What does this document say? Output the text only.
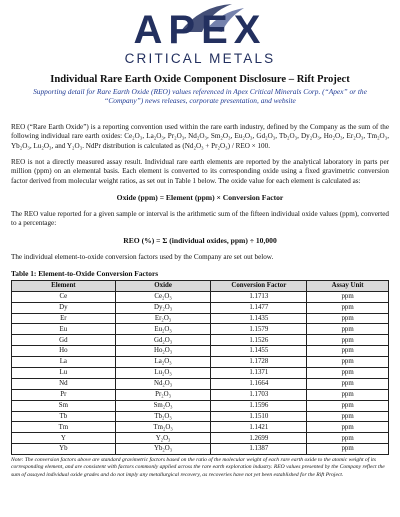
APEX
CRITICAL METALS
Individual Rare Earth Oxide Component Disclosure – Rift Project
Supporting detail for Rare Earth Oxide (REO) values referenced in Apex Critical Minerals Corp. (“Apex” or the “Company”) news releases, corporate presentation, and website

REO (“Rare Earth Oxide”) is a reporting convention used within the rare earth industry, defined by the Company as the sum of the following individual rare earth oxides: Ce₂O₃, La₂O₃, Pr₂O₃, Nd₂O₃, Sm₂O₃, Eu₂O₃, Gd₂O₃, Tb₂O₃, Dy₂O₃, Ho₂O₃, Er₂O₃, Tm₂O₃, Yb₂O₃, Lu₂O₃, and Y₂O₃. NdPr distribution is calculated as (Nd₂O₃ + Pr₂O₃) / REO × 100.

REO is not a directly measured assay result. Individual rare earth elements are reported by the analytical laboratory in parts per million (ppm) on an elemental basis. Each element is converted to its corresponding oxide using a fixed gravimetric conversion factor derived from molecular weight ratios, as set out in Table 1 below. The oxide value for each element is calculated as:

Oxide (ppm) = Element (ppm) × Conversion Factor

The REO value reported for a given sample or interval is the arithmetic sum of the fifteen individual oxide values (ppm), converted to a percentage:

REO (%) = Σ (individual oxides, ppm) ÷ 10,000

The individual element-to-oxide conversion factors used by the Company are set out below.

Table 1: Element-to-Oxide Conversion Factors
Element	Oxide	Conversion Factor	Assay Unit
Ce	Ce₂O₃	1.1713	ppm
Dy	Dy₂O₃	1.1477	ppm
Er	Er₂O₃	1.1435	ppm
Eu	Eu₂O₃	1.1579	ppm
Gd	Gd₂O₃	1.1526	ppm
Ho	Ho₂O₃	1.1455	ppm
La	La₂O₃	1.1728	ppm
Lu	Lu₂O₃	1.1371	ppm
Nd	Nd₂O₃	1.1664	ppm
Pr	Pr₂O₃	1.1703	ppm
Sm	Sm₂O₃	1.1596	ppm
Tb	Tb₂O₃	1.1510	ppm
Tm	Tm₂O₃	1.1421	ppm
Y	Y₂O₃	1.2699	ppm
Yb	Yb₂O₃	1.1387	ppm
Note: The conversion factors above are standard gravimetric factors based on the ratio of the molecular weight of each rare earth oxide to the atomic weight of its corresponding element, and are consistent with factors commonly applied across the rare earth exploration industry. REO values presented by the Company reflect the sum of assayed individual oxide grades and do not imply any metallurgical recovery, as recoveries have not yet been established for the Rift Project.
